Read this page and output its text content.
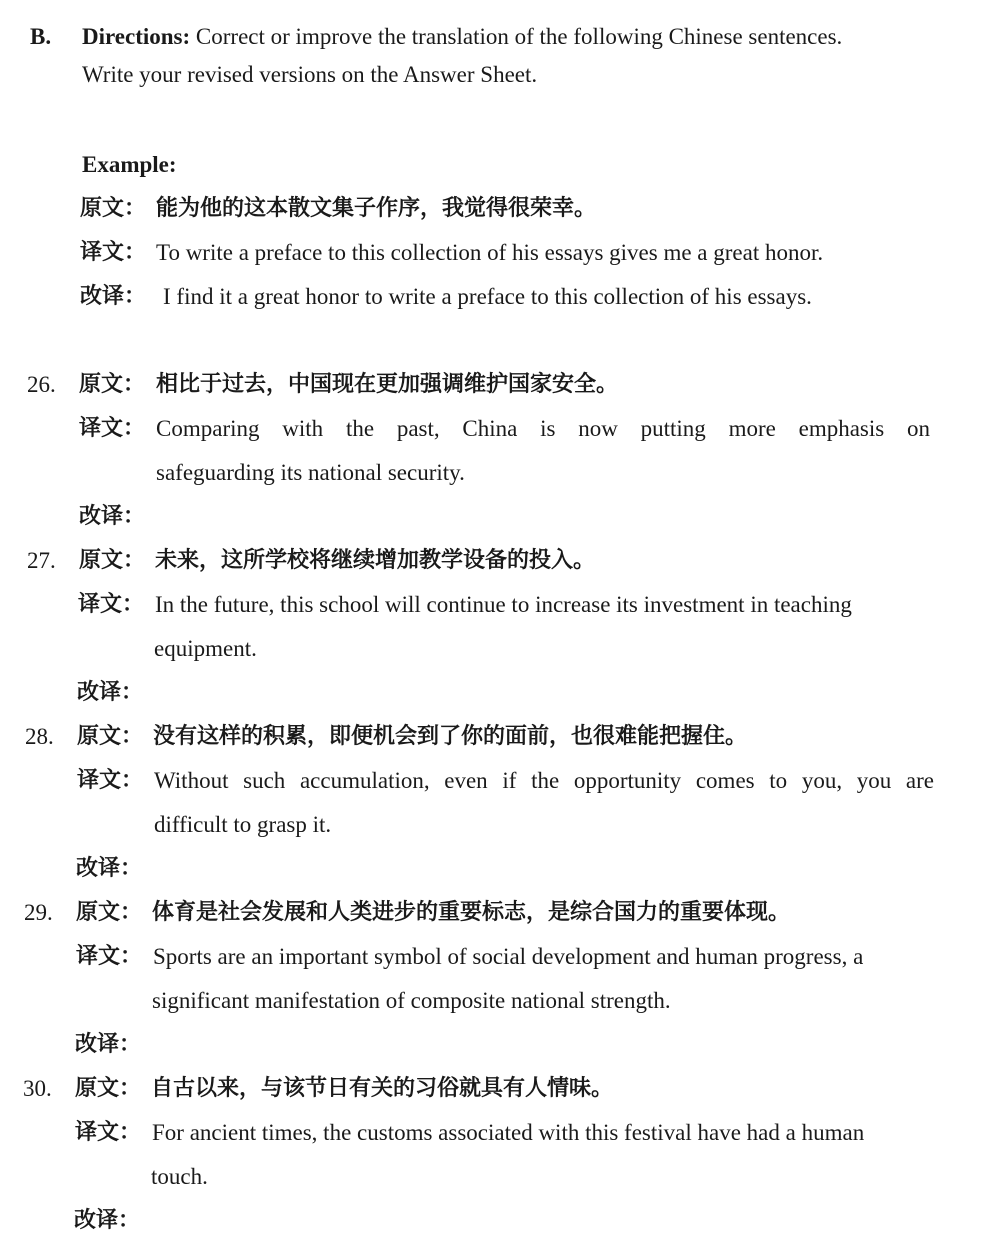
B. Directions: Correct or improve the translation of the following Chinese sentences.
Write your revised versions on the Answer Sheet.
Example:
原文： 能为他的这本散文集子作序，我觉得很荣幸。
译文： To write a preface to this collection of his essays gives me a great honor.
改译： I find it a great honor to write a preface to this collection of his essays.
26. 原文： 相比于过去，中国现在更加强调维护国家安全。
译文： Comparing with the past, China is now putting more emphasis on
safeguarding its national security.
改译：
27. 原文： 未来，这所学校将继续增加教学设备的投入。
译文： In the future, this school will continue to increase its investment in teaching
equipment.
改译：
28. 原文： 没有这样的积累，即便机会到了你的面前，也很难能把握住。
译文： Without such accumulation, even if the opportunity comes to you, you are
difficult to grasp it.
改译：
29. 原文： 体育是社会发展和人类进步的重要标志，是综合国力的重要体现。
译文： Sports are an important symbol of social development and human progress, a
significant manifestation of composite national strength.
改译：
30. 原文： 自古以来，与该节日有关的习俗就具有人情味。
译文： For ancient times, the customs associated with this festival have had a human
touch.
改译：
